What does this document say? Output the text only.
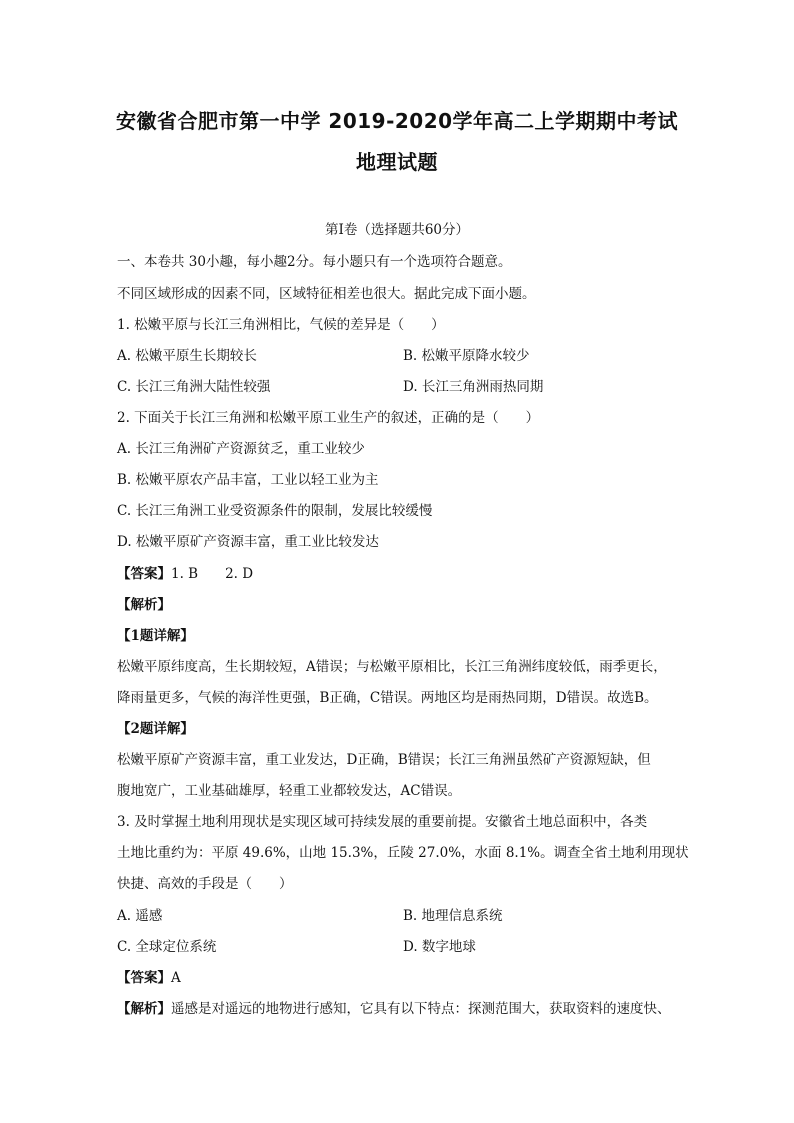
安徽省合肥市第一中学 2019-2020学年高二上学期期中考试
地理试题
第Ⅰ卷（选择题共60分）
一、本卷共 30小趣，每小趣2分。每小题只有一个选项符合题意。
不同区域形成的因素不同，区域特征相差也很大。据此完成下面小题。
1. 松嫩平原与长江三角洲相比，气候的差异是（　　）
A. 松嫩平原生长期较长	B. 松嫩平原降水较少
C. 长江三角洲大陆性较强	D. 长江三角洲雨热同期
2. 下面关于长江三角洲和松嫩平原工业生产的叙述，正确的是（　　）
A. 长江三角洲矿产资源贫乏，重工业较少
B. 松嫩平原农产品丰富，工业以轻工业为主
C. 长江三角洲工业受资源条件的限制，发展比较缓慢
D. 松嫩平原矿产资源丰富，重工业比较发达
【答案】1. B　　2. D
【解析】
【1题详解】
松嫩平原纬度高，生长期较短，A错误；与松嫩平原相比，长江三角洲纬度较低，雨季更长，
降雨量更多，气候的海洋性更强，B正确，C错误。两地区均是雨热同期，D错误。故选B。
【2题详解】
松嫩平原矿产资源丰富，重工业发达，D正确，B错误；长江三角洲虽然矿产资源短缺，但
腹地宽广，工业基础雄厚，轻重工业都较发达，AC错误。
3. 及时掌握土地利用现状是实现区域可持续发展的重要前提。安徽省土地总面积中，各类
土地比重约为：平原 49.6%，山地 15.3%，丘陵 27.0%，水面 8.1%。调查全省土地利用现状
快捷、高效的手段是（　　）
A. 遥感	B. 地理信息系统
C. 全球定位系统	D. 数字地球
【答案】A
【解析】遥感是对遥远的地物进行感知，它具有以下特点：探测范围大，获取资料的速度快、
